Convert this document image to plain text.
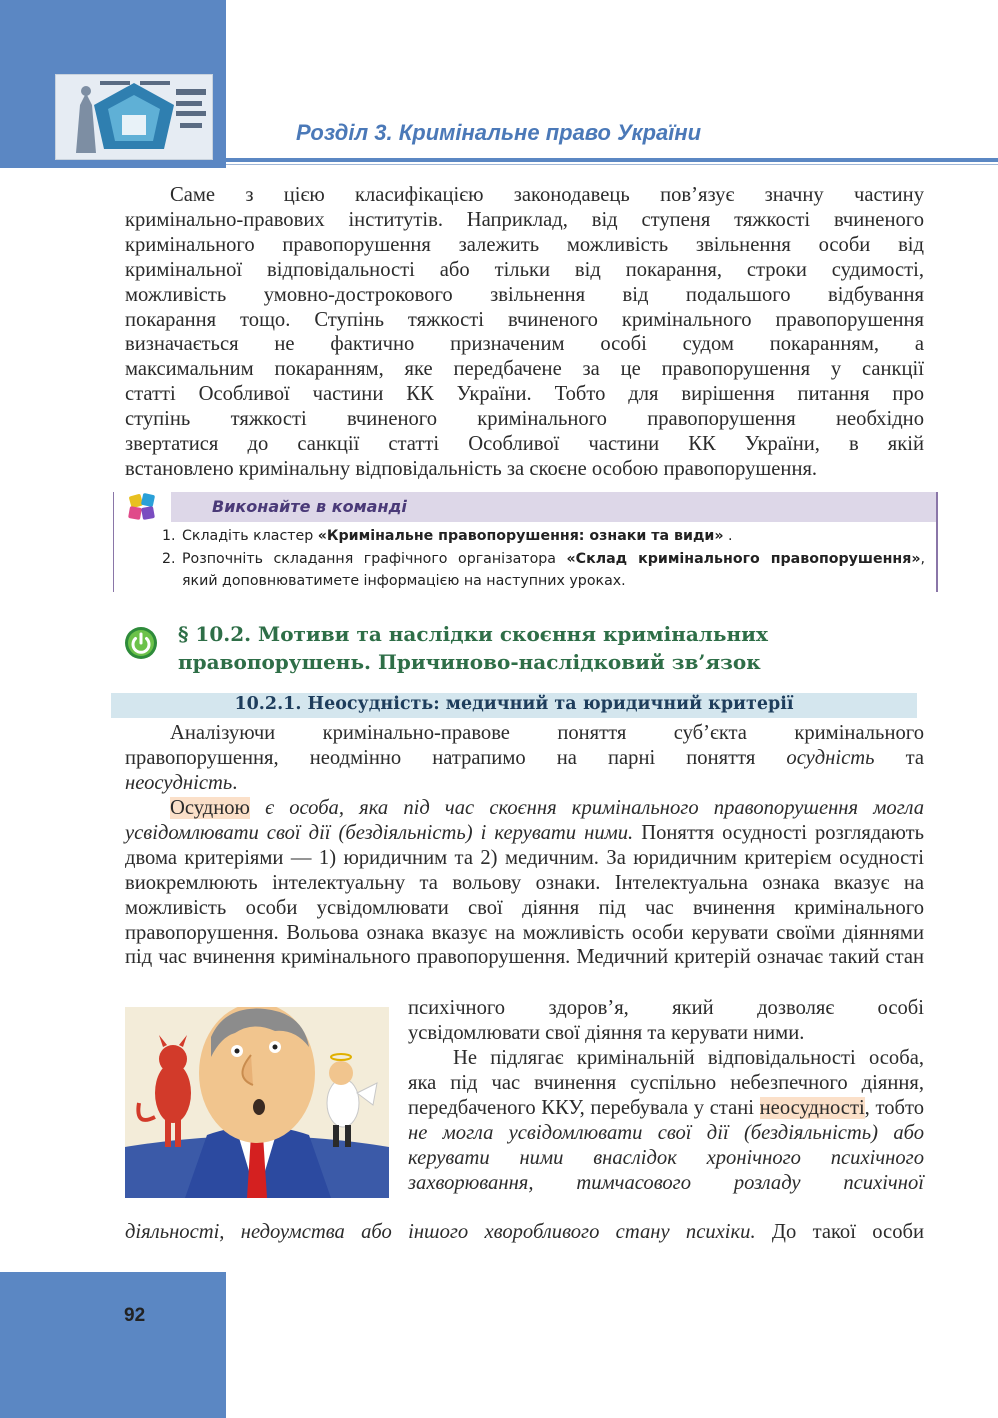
Розділ 3. Кримінальне право України
Саме з цією класифікацією законодавець пов’язує значну частину
кримінально-правових інститутів. Наприклад, від ступеня тяжкості вчиненого
кримінального правопорушення залежить можливість звільнення особи від
кримінальної відповідальності або тільки від покарання, строки судимості,
можливість умовно-дострокового звільнення від подальшого відбування
покарання тощо. Ступінь тяжкості вчиненого кримінального правопорушення
визначається не фактично призначеним особі судом покаранням, а
максимальним покаранням, яке передбачене за це правопорушення у санкції
статті Особливої частини КК України. Тобто для вирішення питання про
ступінь тяжкості вчиненого кримінального правопорушення необхідно
звертатися до санкції статті Особливої частини КК України, в якій
встановлено кримінальну відповідальність за скоєне особою правопорушення.
Виконайте в команді
1. Складіть кластер «Кримінальне правопорушення: ознаки та види» .
2. Розпочніть складання графічного організатора «Склад кримінального правопорушення», який доповнюватимете інформацією на наступних уроках.
§ 10.2. Мотиви та наслідки скоєння кримінальних
правопорушень. Причиново-наслідковий зв’язок
10.2.1. Неосудність: медичний та юридичний критерії
Аналізуючи кримінально-правове поняття суб’єкта кримінального
правопорушення, неодмінно натрапимо на парні поняття осудність та
неосудність.
Осудною є особа, яка під час скоєння кримінального правопорушення могла усвідомлювати свої дії (бездіяльність) і керувати ними. Поняття осудності розглядають двома критеріями — 1) юридичним та 2) медичним. За юридичним критерієм осудності виокремлюють інтелектуальну та вольову ознаки. Інтелектуальна ознака вказує на можливість особи усвідомлювати свої діяння під час вчинення кримінального правопорушення. Вольова ознака вказує на можливість особи керувати своїми діяннями під час вчинення кримінального правопорушення. Медичний критерій означає такий стан
психічного здоров’я, який дозволяє особі
усвідомлювати свої діяння та керувати ними.
Не підлягає кримінальній відповідальності особа, яка під час вчинення суспільно небезпечного діяння, передбаченого ККУ, перебувала у стані неосудності, тобто не могла усвідомлювати свої дії (бездіяльність) або керувати ними внаслідок хронічного психічного захворювання, тимчасового розладу психічної
діяльності, недоумства або іншого хворобливого стану психіки. До такої особи
92
